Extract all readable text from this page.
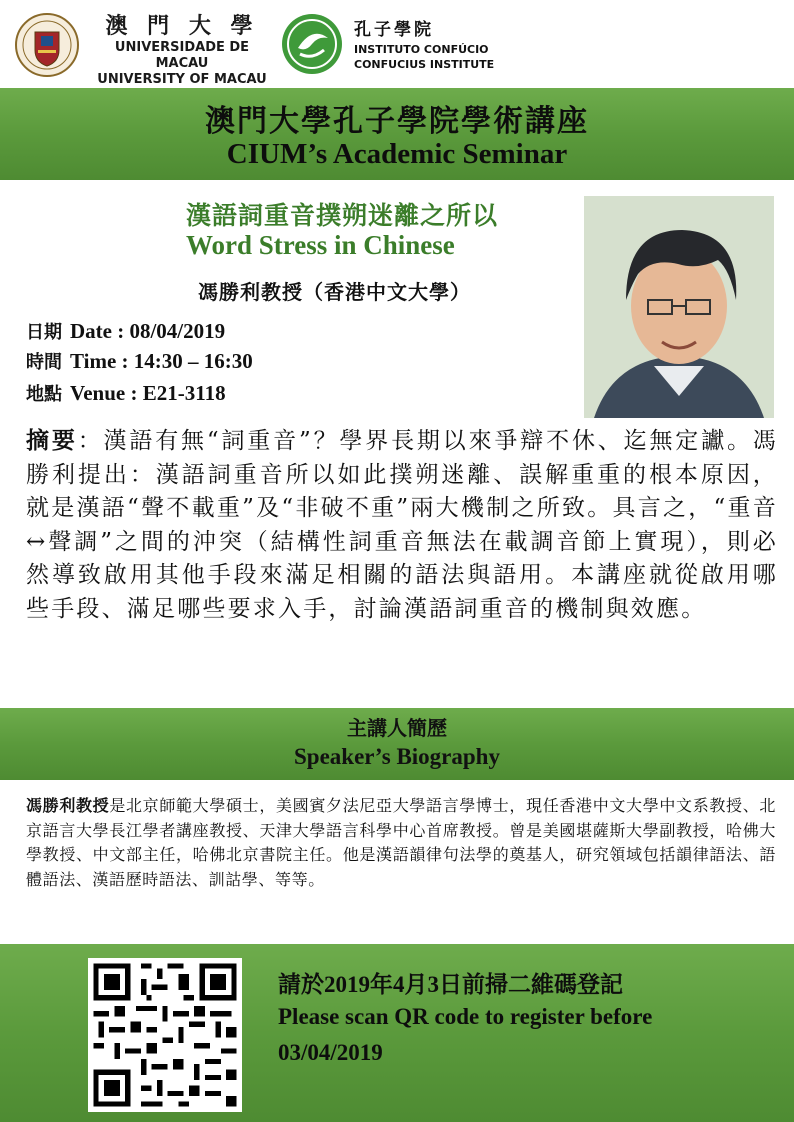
澳 門 大 學
UNIVERSIDADE DE MACAU
UNIVERSITY OF MACAU
孔子學院
INSTITUTO CONFÚCIO
CONFUCIUS INSTITUTE
澳門大學孔子學院學術講座
CIUM’s Academic Seminar
漢語詞重音撲朔迷離之所以
Word Stress in Chinese
馮勝利教授（香港中文大學）
日期 Date : 08/04/2019
時間 Time : 14:30 – 16:30
地點 Venue : E21-3118
摘要：漢語有無“詞重音”？學界長期以來爭辯不休、迄無定讞。馮勝利提出：漢語詞重音所以如此撲朔迷離、誤解重重的根本原因，就是漢語“聲不載重”及“非破不重”兩大機制之所致。具言之，“重音↔聲調”之間的沖突（結構性詞重音無法在載調音節上實現），則必然導致啟用其他手段來滿足相關的語法與語用。本講座就從啟用哪些手段、滿足哪些要求入手，討論漢語詞重音的機制與效應。
主講人簡歷
Speaker’s Biography
馮勝利教授是北京師範大學碩士，美國賓夕法尼亞大學語言學博士，現任香港中文大學中文系教授、北京語言大學長江學者講座教授、天津大學語言科學中心首席教授。曾是美國堪薩斯大學副教授，哈佛大學教授、中文部主任，哈佛北京書院主任。他是漢語韻律句法學的奠基人，研究領域包括韻律語法、語體語法、漢語歷時語法、訓詁學、等等。
請於2019年4月3日前掃二維碼登記
Please scan QR code to register before
03/04/2019
